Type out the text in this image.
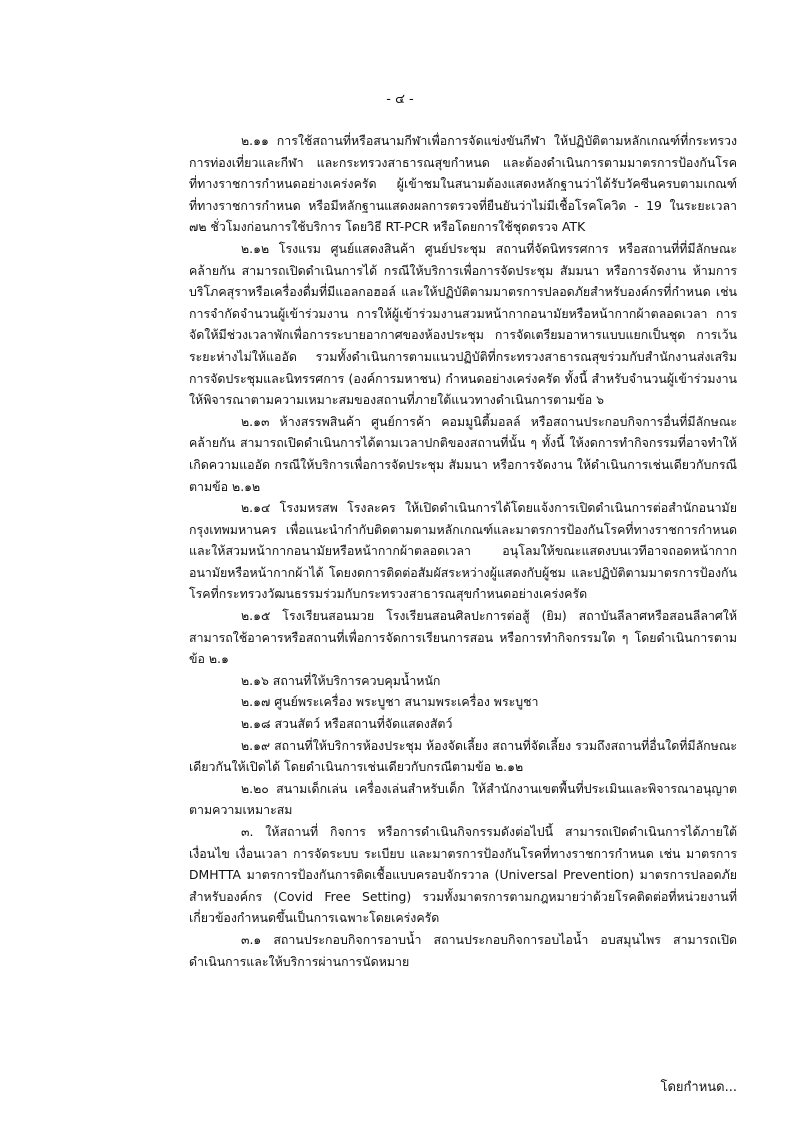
- ๔ -

๒.๑๑ การใช้สถานที่หรือสนามกีฬาเพื่อการจัดแข่งขันกีฬา ให้ปฏิบัติตามหลักเกณฑ์ที่กระทรวงการท่องเที่ยวและกีฬา และกระทรวงสาธารณสุขกำหนด และต้องดำเนินการตามมาตรการป้องกันโรคที่ทางราชการกำหนดอย่างเคร่งครัด ผู้เข้าชมในสนามต้องแสดงหลักฐานว่าได้รับวัคซีนครบตามเกณฑ์ที่ทางราชการกำหนด หรือมีหลักฐานแสดงผลการตรวจที่ยืนยันว่าไม่มีเชื้อโรคโควิด - 19 ในระยะเวลา ๗๒ ชั่วโมงก่อนการใช้บริการ โดยวิธี RT-PCR หรือโดยการใช้ชุดตรวจ ATK

๒.๑๒ โรงแรม ศูนย์แสดงสินค้า ศูนย์ประชุม สถานที่จัดนิทรรศการ หรือสถานที่ที่มีลักษณะคล้ายกัน สามารถเปิดดำเนินการได้ กรณีให้บริการเพื่อการจัดประชุม สัมมนา หรือการจัดงาน ห้ามการบริโภคสุราหรือเครื่องดื่มที่มีแอลกอฮอล์ และให้ปฏิบัติตามมาตรการปลอดภัยสำหรับองค์กรที่กำหนด เช่น การจำกัดจำนวนผู้เข้าร่วมงาน การให้ผู้เข้าร่วมงานสวมหน้ากากอนามัยหรือหน้ากากผ้าตลอดเวลา การจัดให้มีช่วงเวลาพักเพื่อการระบายอากาศของห้องประชุม การจัดเตรียมอาหารแบบแยกเป็นชุด การเว้นระยะห่างไม่ให้แออัด รวมทั้งดำเนินการตามแนวปฏิบัติที่กระทรวงสาธารณสุขร่วมกับสำนักงานส่งเสริมการจัดประชุมและนิทรรศการ (องค์การมหาชน) กำหนดอย่างเคร่งครัด ทั้งนี้ สำหรับจำนวนผู้เข้าร่วมงานให้พิจารณาตามความเหมาะสมของสถานที่ภายใต้แนวทางดำเนินการตามข้อ ๖

๒.๑๓ ห้างสรรพสินค้า ศูนย์การค้า คอมมูนิตี้มอลล์ หรือสถานประกอบกิจการอื่นที่มีลักษณะคล้ายกัน สามารถเปิดดำเนินการได้ตามเวลาปกติของสถานที่นั้น ๆ ทั้งนี้ ให้งดการทำกิจกรรมที่อาจทำให้เกิดความแออัด กรณีให้บริการเพื่อการจัดประชุม สัมมนา หรือการจัดงาน ให้ดำเนินการเช่นเดียวกับกรณีตามข้อ ๒.๑๒

๒.๑๔ โรงมหรสพ โรงละคร ให้เปิดดำเนินการได้โดยแจ้งการเปิดดำเนินการต่อสำนักอนามัยกรุงเทพมหานคร เพื่อแนะนำกำกับติดตามตามหลักเกณฑ์และมาตรการป้องกันโรคที่ทางราชการกำหนดและให้สวมหน้ากากอนามัยหรือหน้ากากผ้าตลอดเวลา อนุโลมให้ขณะแสดงบนเวทีอาจถอดหน้ากากอนามัยหรือหน้ากากผ้าได้ โดยงดการติดต่อสัมผัสระหว่างผู้แสดงกับผู้ชม และปฏิบัติตามมาตรการป้องกันโรคที่กระทรวงวัฒนธรรมร่วมกับกระทรวงสาธารณสุขกำหนดอย่างเคร่งครัด

๒.๑๕ โรงเรียนสอนมวย โรงเรียนสอนศิลปะการต่อสู้ (ยิม) สถาบันลีลาศหรือสอนลีลาศให้สามารถใช้อาคารหรือสถานที่เพื่อการจัดการเรียนการสอน หรือการทำกิจกรรมใด ๆ โดยดำเนินการตามข้อ ๒.๑

๒.๑๖ สถานที่ให้บริการควบคุมน้ำหนัก

๒.๑๗ ศูนย์พระเครื่อง พระบูชา สนามพระเครื่อง พระบูชา

๒.๑๘ สวนสัตว์ หรือสถานที่จัดแสดงสัตว์

๒.๑๙ สถานที่ให้บริการห้องประชุม ห้องจัดเลี้ยง สถานที่จัดเลี้ยง รวมถึงสถานที่อื่นใดที่มีลักษณะเดียวกันให้เปิดได้ โดยดำเนินการเช่นเดียวกับกรณีตามข้อ ๒.๑๒

๒.๒๐ สนามเด็กเล่น เครื่องเล่นสำหรับเด็ก ให้สำนักงานเขตพื้นที่ประเมินและพิจารณาอนุญาตตามความเหมาะสม

๓. ให้สถานที่ กิจการ หรือการดำเนินกิจกรรมดังต่อไปนี้ สามารถเปิดดำเนินการได้ภายใต้เงื่อนไข เงื่อนเวลา การจัดระบบ ระเบียบ และมาตรการป้องกันโรคที่ทางราชการกำหนด เช่น มาตรการ DMHTTA มาตรการป้องกันการติดเชื้อแบบครอบจักรวาล (Universal Prevention) มาตรการปลอดภัยสำหรับองค์กร (Covid Free Setting) รวมทั้งมาตรการตามกฎหมายว่าด้วยโรคติดต่อที่หน่วยงานที่เกี่ยวข้องกำหนดขึ้นเป็นการเฉพาะโดยเคร่งครัด

๓.๑ สถานประกอบกิจการอาบน้ำ สถานประกอบกิจการอบไอน้ำ อบสมุนไพร สามารถเปิดดำเนินการและให้บริการผ่านการนัดหมาย

โดยกำหนด...
